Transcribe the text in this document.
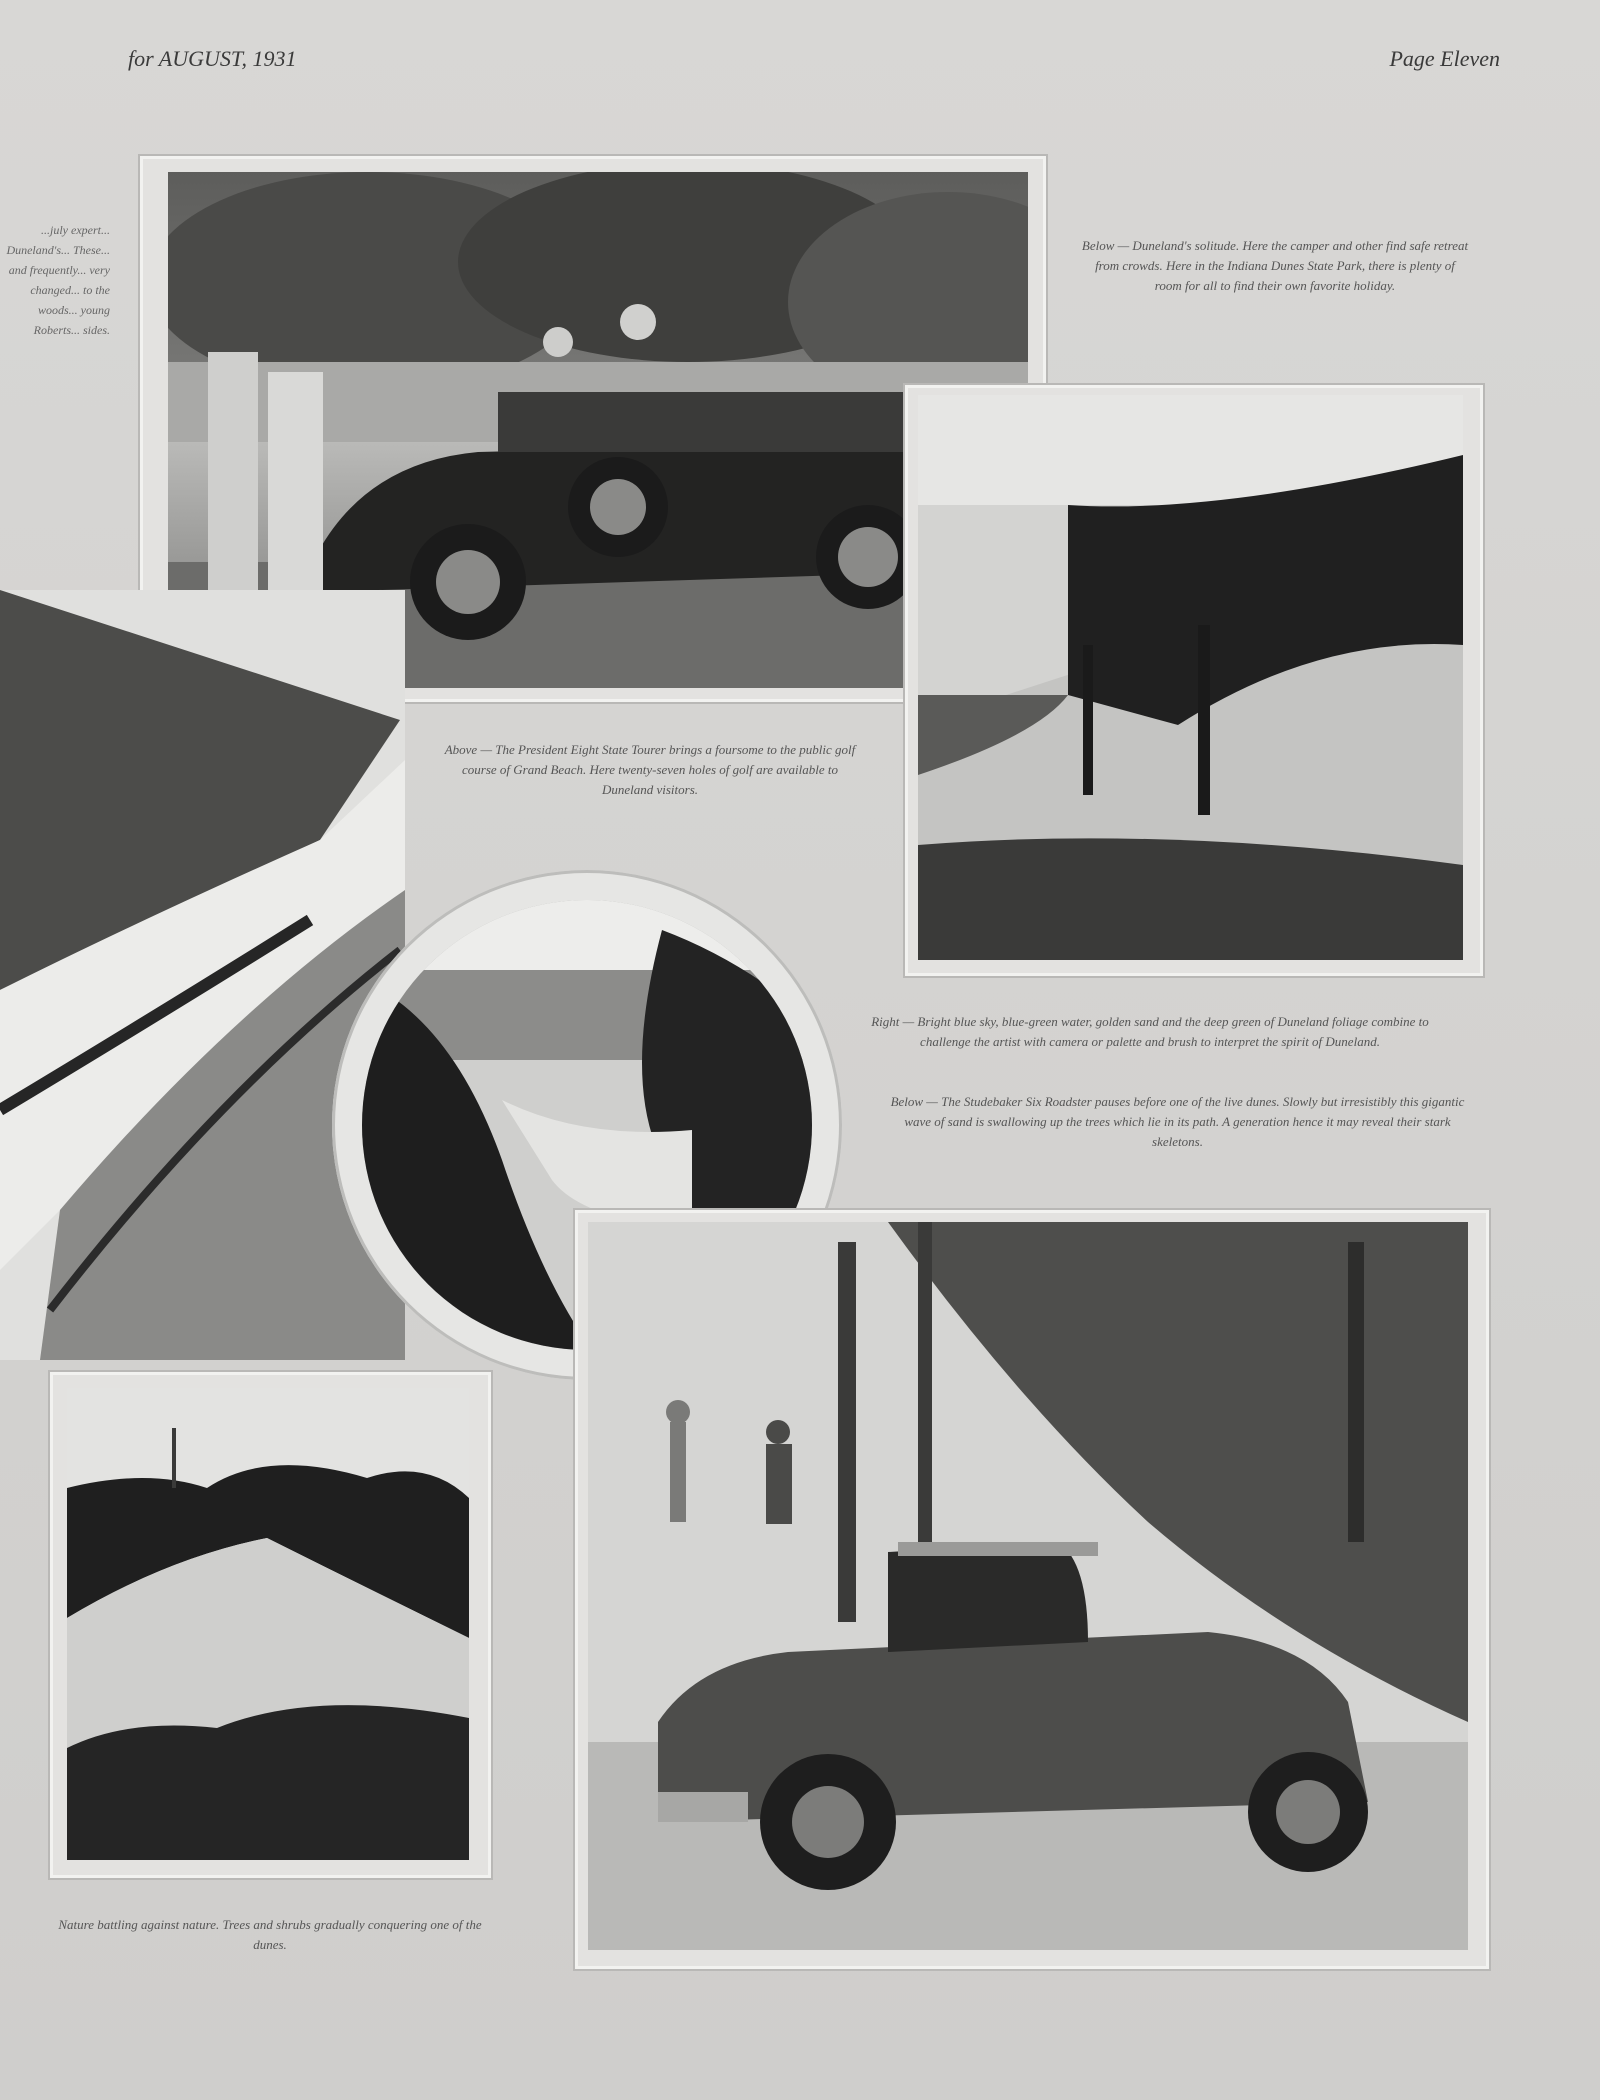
for AUGUST, 1931	Page Eleven
...july expert... Duneland's... These... and frequently... very changed... to the woods... young Roberts... sides.
Below — Duneland's solitude. Here the camper and other find safe retreat from crowds. Here in the Indiana Dunes State Park, there is plenty of room for all to find their own favorite holiday.
Above — The President Eight State Tourer brings a foursome to the public golf course of Grand Beach. Here twenty-seven holes of golf are available to Duneland visitors.
Right — Bright blue sky, blue-green water, golden sand and the deep green of Duneland foliage combine to challenge the artist with camera or palette and brush to interpret the spirit of Duneland.
Below — The Studebaker Six Roadster pauses before one of the live dunes. Slowly but irresistibly this gigantic wave of sand is swallowing up the trees which lie in its path. A generation hence it may reveal their stark skeletons.
Nature battling against nature. Trees and shrubs gradually conquering one of the dunes.
